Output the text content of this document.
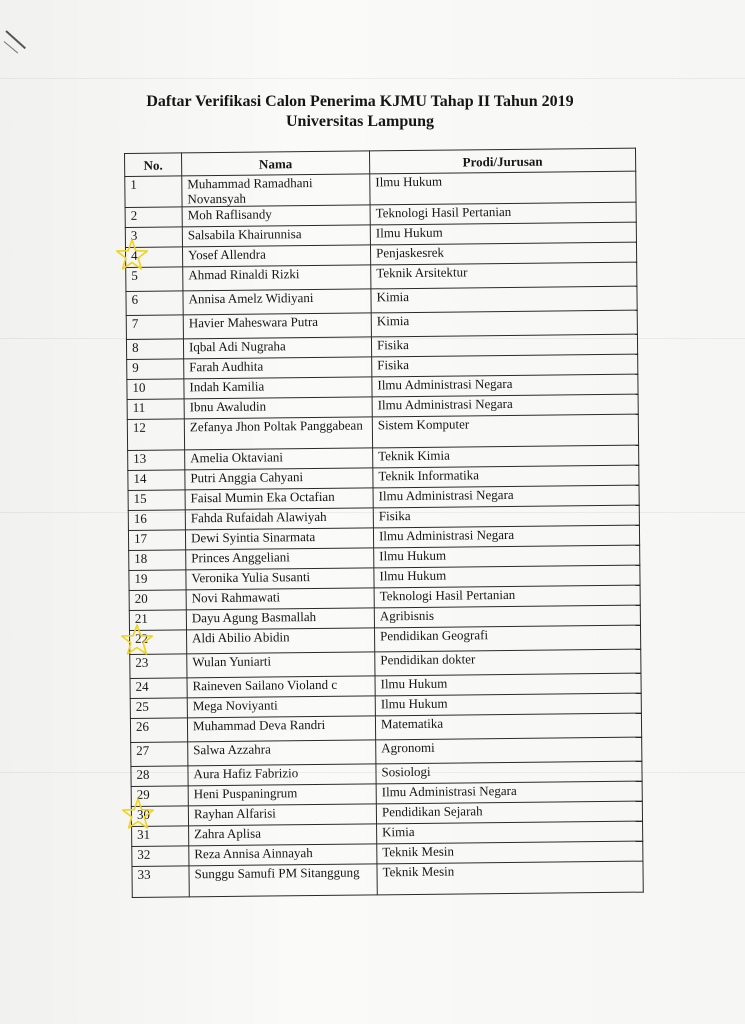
Daftar Verifikasi Calon Penerima KJMU Tahap II Tahun 2019
Universitas Lampung
No.	Nama	Prodi/Jurusan
1	Muhammad Ramadhani Novansyah	Ilmu Hukum
2	Moh Raflisandy	Teknologi Hasil Pertanian
3	Salsabila Khairunnisa	Ilmu Hukum
4	Yosef Allendra	Penjaskesrek
5	Ahmad Rinaldi Rizki	Teknik Arsitektur
6	Annisa Amelz Widiyani	Kimia
7	Havier Maheswara Putra	Kimia
8	Iqbal Adi Nugraha	Fisika
9	Farah Audhita	Fisika
10	Indah Kamilia	Ilmu Administrasi Negara
11	Ibnu Awaludin	Ilmu Administrasi Negara
12	Zefanya Jhon Poltak Panggabean	Sistem Komputer
13	Amelia Oktaviani	Teknik Kimia
14	Putri Anggia Cahyani	Teknik Informatika
15	Faisal Mumin Eka Octafian	Ilmu Administrasi Negara
16	Fahda Rufaidah Alawiyah	Fisika
17	Dewi Syintia Sinarmata	Ilmu Administrasi Negara
18	Princes Anggeliani	Ilmu Hukum
19	Veronika Yulia Susanti	Ilmu Hukum
20	Novi Rahmawati	Teknologi Hasil Pertanian
21	Dayu Agung Basmallah	Agribisnis
22	Aldi Abilio Abidin	Pendidikan Geografi
23	Wulan Yuniarti	Pendidikan dokter
24	Raineven Sailano Violand c	Ilmu Hukum
25	Mega Noviyanti	Ilmu Hukum
26	Muhammad Deva Randri	Matematika
27	Salwa Azzahra	Agronomi
28	Aura Hafiz Fabrizio	Sosiologi
29	Heni Puspaningrum	Ilmu Administrasi Negara
30	Rayhan Alfarisi	Pendidikan Sejarah
31	Zahra Aplisa	Kimia
32	Reza Annisa Ainnayah	Teknik Mesin
33	Sunggu Samufi PM Sitanggung	Teknik Mesin
